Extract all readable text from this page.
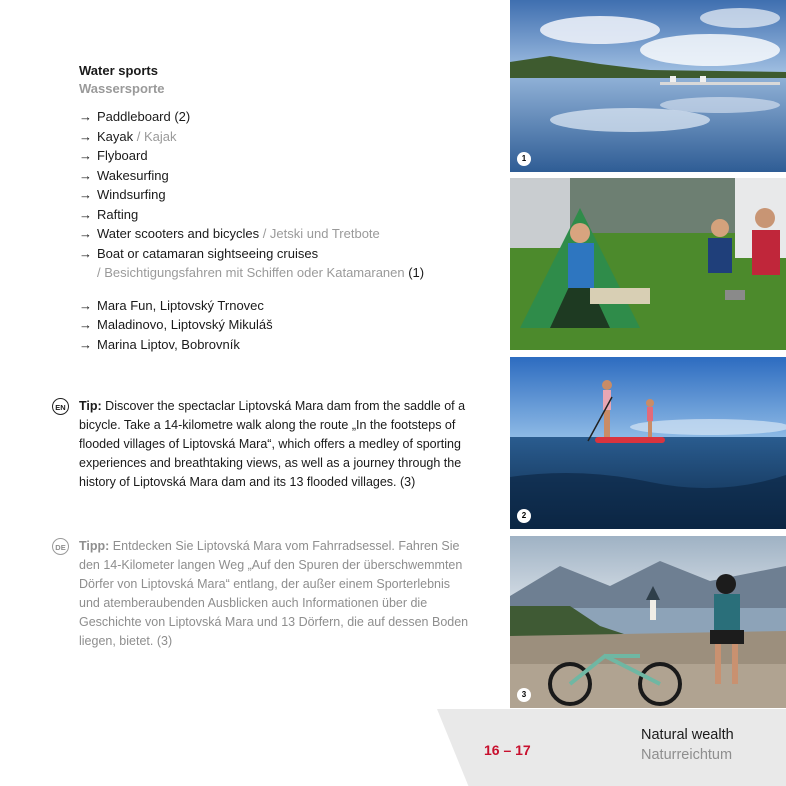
Water sports
Wassersporte
→ Paddleboard (2)
→ Kayak / Kajak
→ Flyboard
→ Wakesurfing
→ Windsurfing
→ Rafting
→ Water scooters and bicycles / Jetski und Tretbote
→ Boat or catamaran sightseeing cruises
/ Besichtigungsfahren mit Schiffen oder Katamaranen (1)
→ Mara Fun, Liptovský Trnovec
→ Maladinovo, Liptovský Mikuláš
→ Marina Liptov, Bobrovník
EN Tip: Discover the spectaclar Liptovská Mara dam from the saddle of a bicycle. Take a 14-kilometre walk along the route „In the footsteps of flooded villages of Liptovská Mara“, which offers a medley of sporting experiences and breathtaking views, as well as a journey through the history of Liptovská Mara dam and its 13 flooded villages. (3)
DE Tipp: Entdecken Sie Liptovská Mara vom Fahrradsessel. Fahren Sie den 14-Kilometer langen Weg „Auf den Spuren der überschwemmten Dörfer von Liptovská Mara“ entlang, der außer einem Sporterlebnis und atemberaubenden Ausblicken auch Informationen über die Geschichte von Liptovská Mara und 13 Dörfern, die auf dessen Boden liegen, bietet. (3)
1
2
3
16 – 17
Natural wealth
Naturreichtum
